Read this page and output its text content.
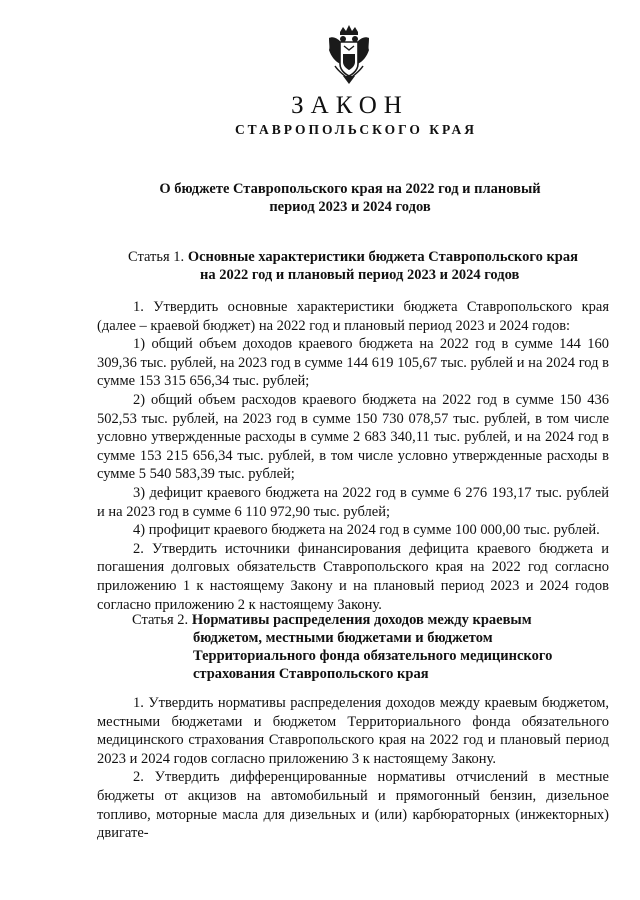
ЗАКОН
СТАВРОПОЛЬСКОГО КРАЯ
О бюджете Ставропольского края на 2022 год и плановый период 2023 и 2024 годов
Статья 1. Основные характеристики бюджета Ставропольского края
на 2022 год и плановый период 2023 и 2024 годов

1. Утвердить основные характеристики бюджета Ставропольского края (далее – краевой бюджет) на 2022 год и плановый период 2023 и 2024 годов:

1) общий объем доходов краевого бюджета на 2022 год в сумме 144 160 309,36 тыс. рублей, на 2023 год в сумме 144 619 105,67 тыс. рублей и на 2024 год в сумме 153 315 656,34 тыс. рублей;

2) общий объем расходов краевого бюджета на 2022 год в сумме 150 436 502,53 тыс. рублей, на 2023 год в сумме 150 730 078,57 тыс. рублей, в том числе условно утвержденные расходы в сумме 2 683 340,11 тыс. рублей, и на 2024 год в сумме 153 215 656,34 тыс. рублей, в том числе условно утвержденные расходы в сумме 5 540 583,39 тыс. рублей;

3) дефицит краевого бюджета на 2022 год в сумме 6 276 193,17 тыс. рублей и на 2023 год в сумме 6 110 972,90 тыс. рублей;

4) профицит краевого бюджета на 2024 год в сумме 100 000,00 тыс. рублей.

2. Утвердить источники финансирования дефицита краевого бюджета и погашения долговых обязательств Ставропольского края на 2022 год согласно приложению 1 к настоящему Закону и на плановый период 2023 и 2024 годов согласно приложению 2 к настоящему Закону.

Статья 2. Нормативы распределения доходов между краевым
бюджетом, местными бюджетами и бюджетом
Территориального фонда обязательного медицинского
страхования Ставропольского края

1. Утвердить нормативы распределения доходов между краевым бюджетом, местными бюджетами и бюджетом Территориального фонда обязательного медицинского страхования Ставропольского края на 2022 год и плановый период 2023 и 2024 годов согласно приложению 3 к настоящему Закону.

2. Утвердить дифференцированные нормативы отчислений в местные бюджеты от акцизов на автомобильный и прямогонный бензин, дизельное топливо, моторные масла для дизельных и (или) карбюраторных (инжекторных) двигате-
